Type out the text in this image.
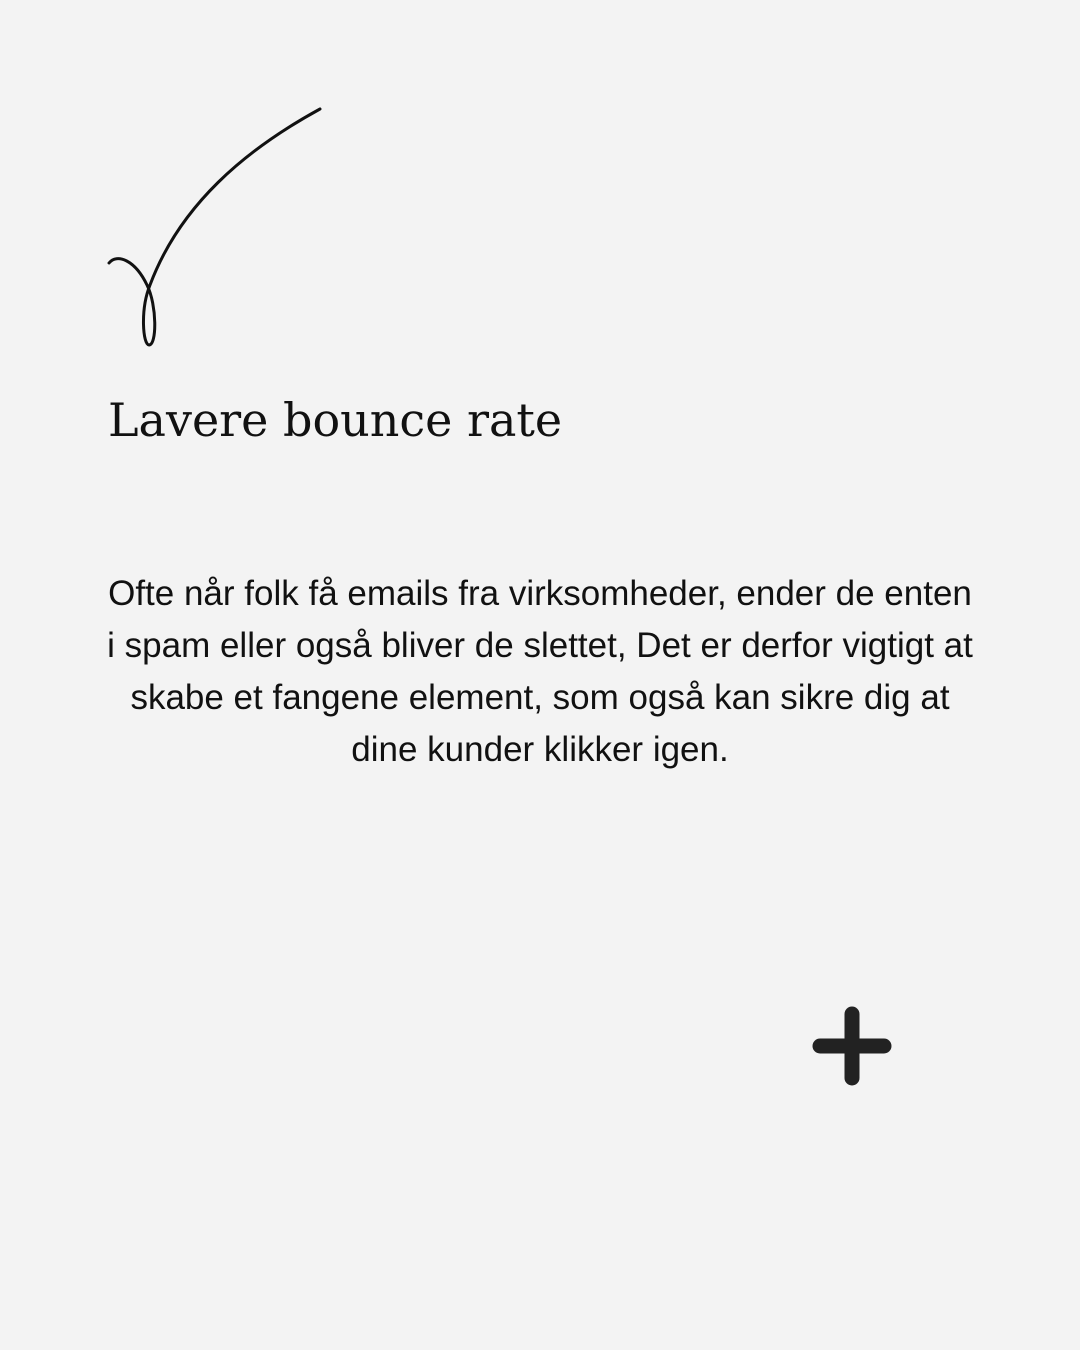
Lavere bounce rate

Ofte når folk få emails fra virksomheder, ender de enten i spam eller også bliver de slettet, Det er derfor vigtigt at skabe et fangene element, som også kan sikre dig at dine kunder klikker igen.
